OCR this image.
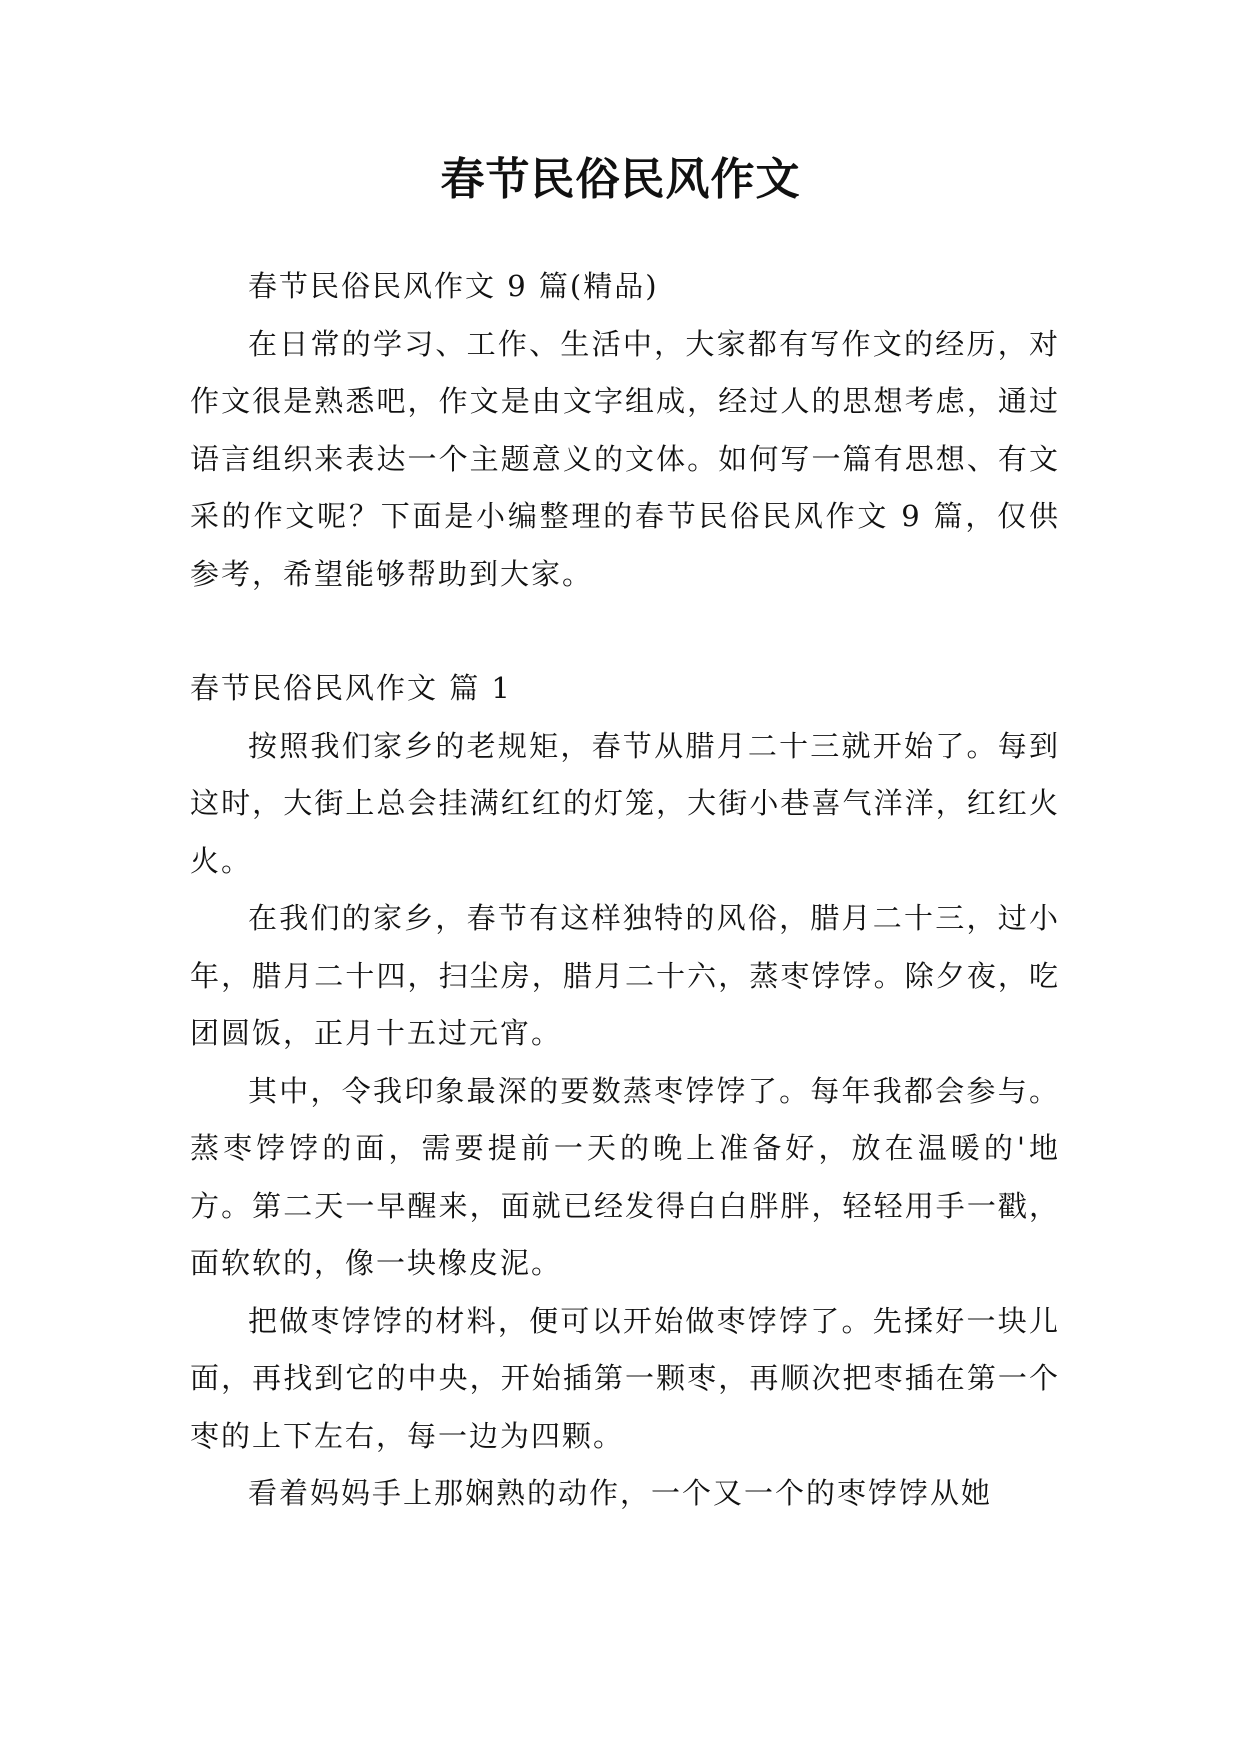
春节民俗民风作文

春节民俗民风作文 9 篇(精品)

在日常的学习、工作、生活中，大家都有写作文的经历，对作文很是熟悉吧，作文是由文字组成，经过人的思想考虑，通过语言组织来表达一个主题意义的文体。如何写一篇有思想、有文采的作文呢？下面是小编整理的春节民俗民风作文 9 篇，仅供参考，希望能够帮助到大家。

春节民俗民风作文 篇 1

按照我们家乡的老规矩，春节从腊月二十三就开始了。每到这时，大街上总会挂满红红的灯笼，大街小巷喜气洋洋，红红火火。

在我们的家乡，春节有这样独特的风俗，腊月二十三，过小年，腊月二十四，扫尘房，腊月二十六，蒸枣饽饽。除夕夜，吃团圆饭，正月十五过元宵。

其中，令我印象最深的要数蒸枣饽饽了。每年我都会参与。蒸枣饽饽的面，需要提前一天的晚上准备好，放在温暖的'地方。第二天一早醒来，面就已经发得白白胖胖，轻轻用手一戳，面软软的，像一块橡皮泥。

把做枣饽饽的材料，便可以开始做枣饽饽了。先揉好一块儿面，再找到它的中央，开始插第一颗枣，再顺次把枣插在第一个枣的上下左右，每一边为四颗。

看着妈妈手上那娴熟的动作，一个又一个的枣饽饽从她
